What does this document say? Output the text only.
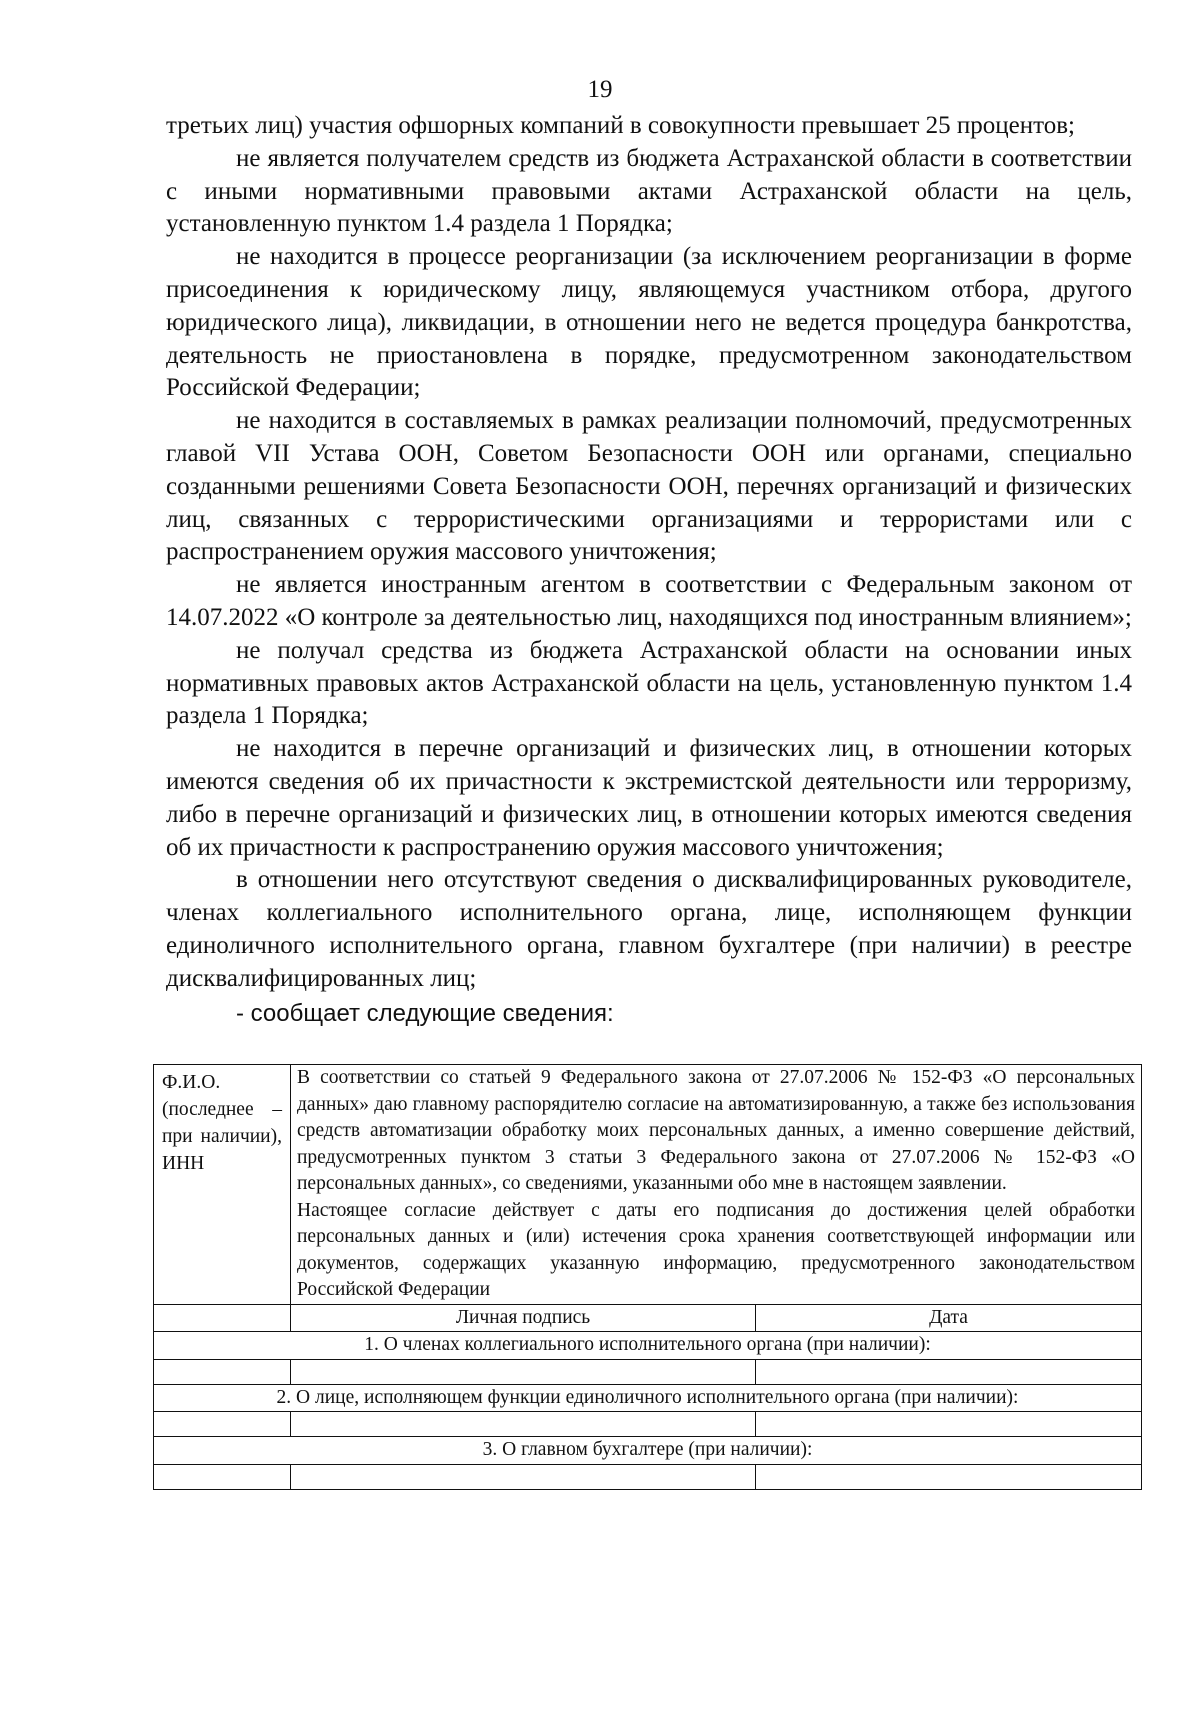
19

третьих лиц) участия офшорных компаний в совокупности превышает 25 процентов;

не является получателем средств из бюджета Астраханской области в соответствии с иными нормативными правовыми актами Астраханской области на цель, установленную пунктом 1.4 раздела 1 Порядка;

не находится в процессе реорганизации (за исключением реорганизации в форме присоединения к юридическому лицу, являющемуся участником отбора, другого юридического лица), ликвидации, в отношении него не ведется процедура банкротства, деятельность не приостановлена в порядке, предусмотренном законодательством Российской Федерации;

не находится в составляемых в рамках реализации полномочий, предусмотренных главой VII Устава ООН, Советом Безопасности ООН или органами, специально созданными решениями Совета Безопасности ООН, перечнях организаций и физических лиц, связанных с террористическими организациями и террористами или с распространением оружия массового уничтожения;

не является иностранным агентом в соответствии с Федеральным законом от 14.07.2022 «О контроле за деятельностью лиц, находящихся под иностранным влиянием»;

не получал средства из бюджета Астраханской области на основании иных нормативных правовых актов Астраханской области на цель, установленную пунктом 1.4 раздела 1 Порядка;

не находится в перечне организаций и физических лиц, в отношении которых имеются сведения об их причастности к экстремистской деятельности или терроризму, либо в перечне организаций и физических лиц, в отношении которых имеются сведения об их причастности к распространению оружия массового уничтожения;

в отношении него отсутствуют сведения о дисквалифицированных руководителе, членах коллегиального исполнительного органа, лице, исполняющем функции единоличного исполнительного органа, главном бухгалтере (при наличии) в реестре дисквалифицированных лиц;

- сообщает следующие сведения:

Ф.И.О. (последнее – при наличии), ИНН	В соответствии со статьей 9 Федерального закона от 27.07.2006 № 152-ФЗ «О персональных данных» даю главному распорядителю согласие на автоматизированную, а также без использования средств автоматизации обработку моих персональных данных, а именно совершение действий, предусмотренных пунктом 3 статьи 3 Федерального закона от 27.07.2006 № 152-ФЗ «О персональных данных», со сведениями, указанными обо мне в настоящем заявлении.

Настоящее согласие действует с даты его подписания до достижения целей обработки персональных данных и (или) истечения срока хранения соответствующей информации или документов, содержащих указанную информацию, предусмотренного законодательством Российской Федерации	

	Личная подпись	Дата
1. О членах коллегиального исполнительного органа (при наличии):		

2. О лице, исполняющем функции единоличного исполнительного органа (при наличии):		

3. О главном бухгалтере (при наличии):		
